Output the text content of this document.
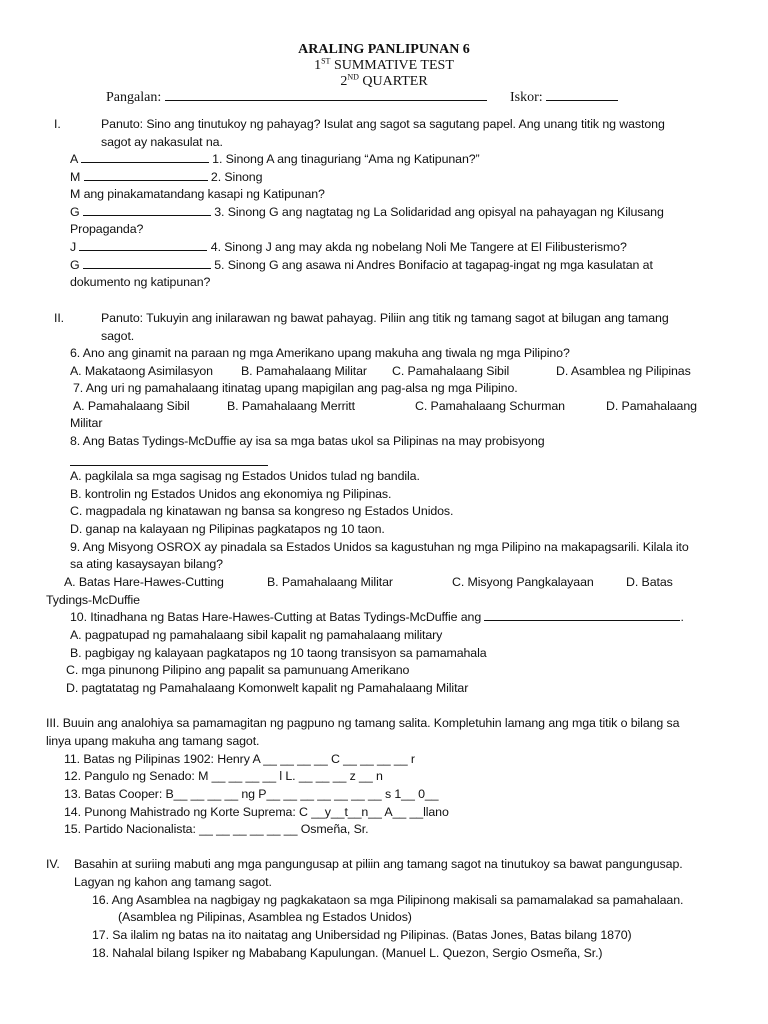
ARALING PANLIPUNAN 6
1ST SUMMATIVE TEST
2ND QUARTER
Pangalan:	Iskor:
I.	Panuto: Sino ang tinutukoy ng pahayag? Isulat ang sagot sa sagutang papel. Ang unang titik ng wastong
sagot ay nakasulat na.
A	1. Sinong A ang tinaguriang “Ama ng Katipunan?”
M	2. Sinong
M ang pinakamatandang kasapi ng Katipunan?
G	3. Sinong G ang nagtatag ng La Solidaridad ang opisyal na pahayagan ng Kilusang
Propaganda?
J	4. Sinong J ang may akda ng nobelang Noli Me Tangere at El Filibusterismo?
G	5. Sinong G ang asawa ni Andres Bonifacio at tagapag-ingat ng mga kasulatan at
dokumento ng katipunan?
II.	Panuto: Tukuyin ang inilarawan ng bawat pahayag. Piliin ang titik ng tamang sagot at bilugan ang tamang
sagot.
6. Ano ang ginamit na paraan ng mga Amerikano upang makuha ang tiwala ng mga Pilipino?
A. Makataong Asimilasyon B. Pamahalaang Militar C. Pamahalaang Sibil	D. Asamblea ng Pilipinas
7. Ang uri ng pamahalaang itinatag upang mapigilan ang pag-alsa ng mga Pilipino.
A. Pamahalaang Sibil	B. Pamahalaang Merritt	C. Pamahalaang Schurman	D. Pamahalaang
Militar
8. Ang Batas Tydings-McDuffie ay isa sa mga batas ukol sa Pilipinas na may probisyong
A. pagkilala sa mga sagisag ng Estados Unidos tulad ng bandila.
B. kontrolin ng Estados Unidos ang ekonomiya ng Pilipinas.
C. magpadala ng kinatawan ng bansa sa kongreso ng Estados Unidos.
D. ganap na kalayaan ng Pilipinas pagkatapos ng 10 taon.
9. Ang Misyong OSROX ay pinadala sa Estados Unidos sa kagustuhan ng mga Pilipino na makapagsarili. Kilala ito
sa ating kasaysayan bilang?
A. Batas Hare-Hawes-Cutting	B. Pamahalaang Militar	C. Misyong Pangkalayaan	D. Batas
Tydings-McDuffie
10. Itinadhana ng Batas Hare-Hawes-Cutting at Batas Tydings-McDuffie ang	.
A. pagpatupad ng pamahalaang sibil kapalit ng pamahalaang military
B. pagbigay ng kalayaan pagkatapos ng 10 taong transisyon sa pamamahala
C. mga pinunong Pilipino ang papalit sa pamunuang Amerikano
D. pagtatatag ng Pamahalaang Komonwelt kapalit ng Pamahalaang Militar
III. Buuin ang analohiya sa pamamagitan ng pagpuno ng tamang salita. Kompletuhin lamang ang mga titik o bilang sa
linya upang makuha ang tamang sagot.
11. Batas ng Pilipinas 1902: Henry A __ __ __ __ C __ __ __ __ r
12. Pangulo ng Senado: M __ __ __ __ l L. __ __ __ z __ n
13. Batas Cooper: B__ __ __ __ ng P__ __ __ __ __ __ __ s 1__ 0__
14. Punong Mahistrado ng Korte Suprema: C __y__t__n__ A__ __llano
15. Partido Nacionalista: __ __ __ __ __ __ Osmeña, Sr.
IV. Basahin at suriing mabuti ang mga pangungusap at piliin ang tamang sagot na tinutukoy sa bawat pangungusap.
Lagyan ng kahon ang tamang sagot.
16. Ang Asamblea na nagbigay ng pagkakataon sa mga Pilipinong makisali sa pamamalakad sa pamahalaan.
(Asamblea ng Pilipinas, Asamblea ng Estados Unidos)
17. Sa ilalim ng batas na ito naitatag ang Unibersidad ng Pilipinas. (Batas Jones, Batas bilang 1870)
18. Nahalal bilang Ispiker ng Mababang Kapulungan. (Manuel L. Quezon, Sergio Osmeña, Sr.)
